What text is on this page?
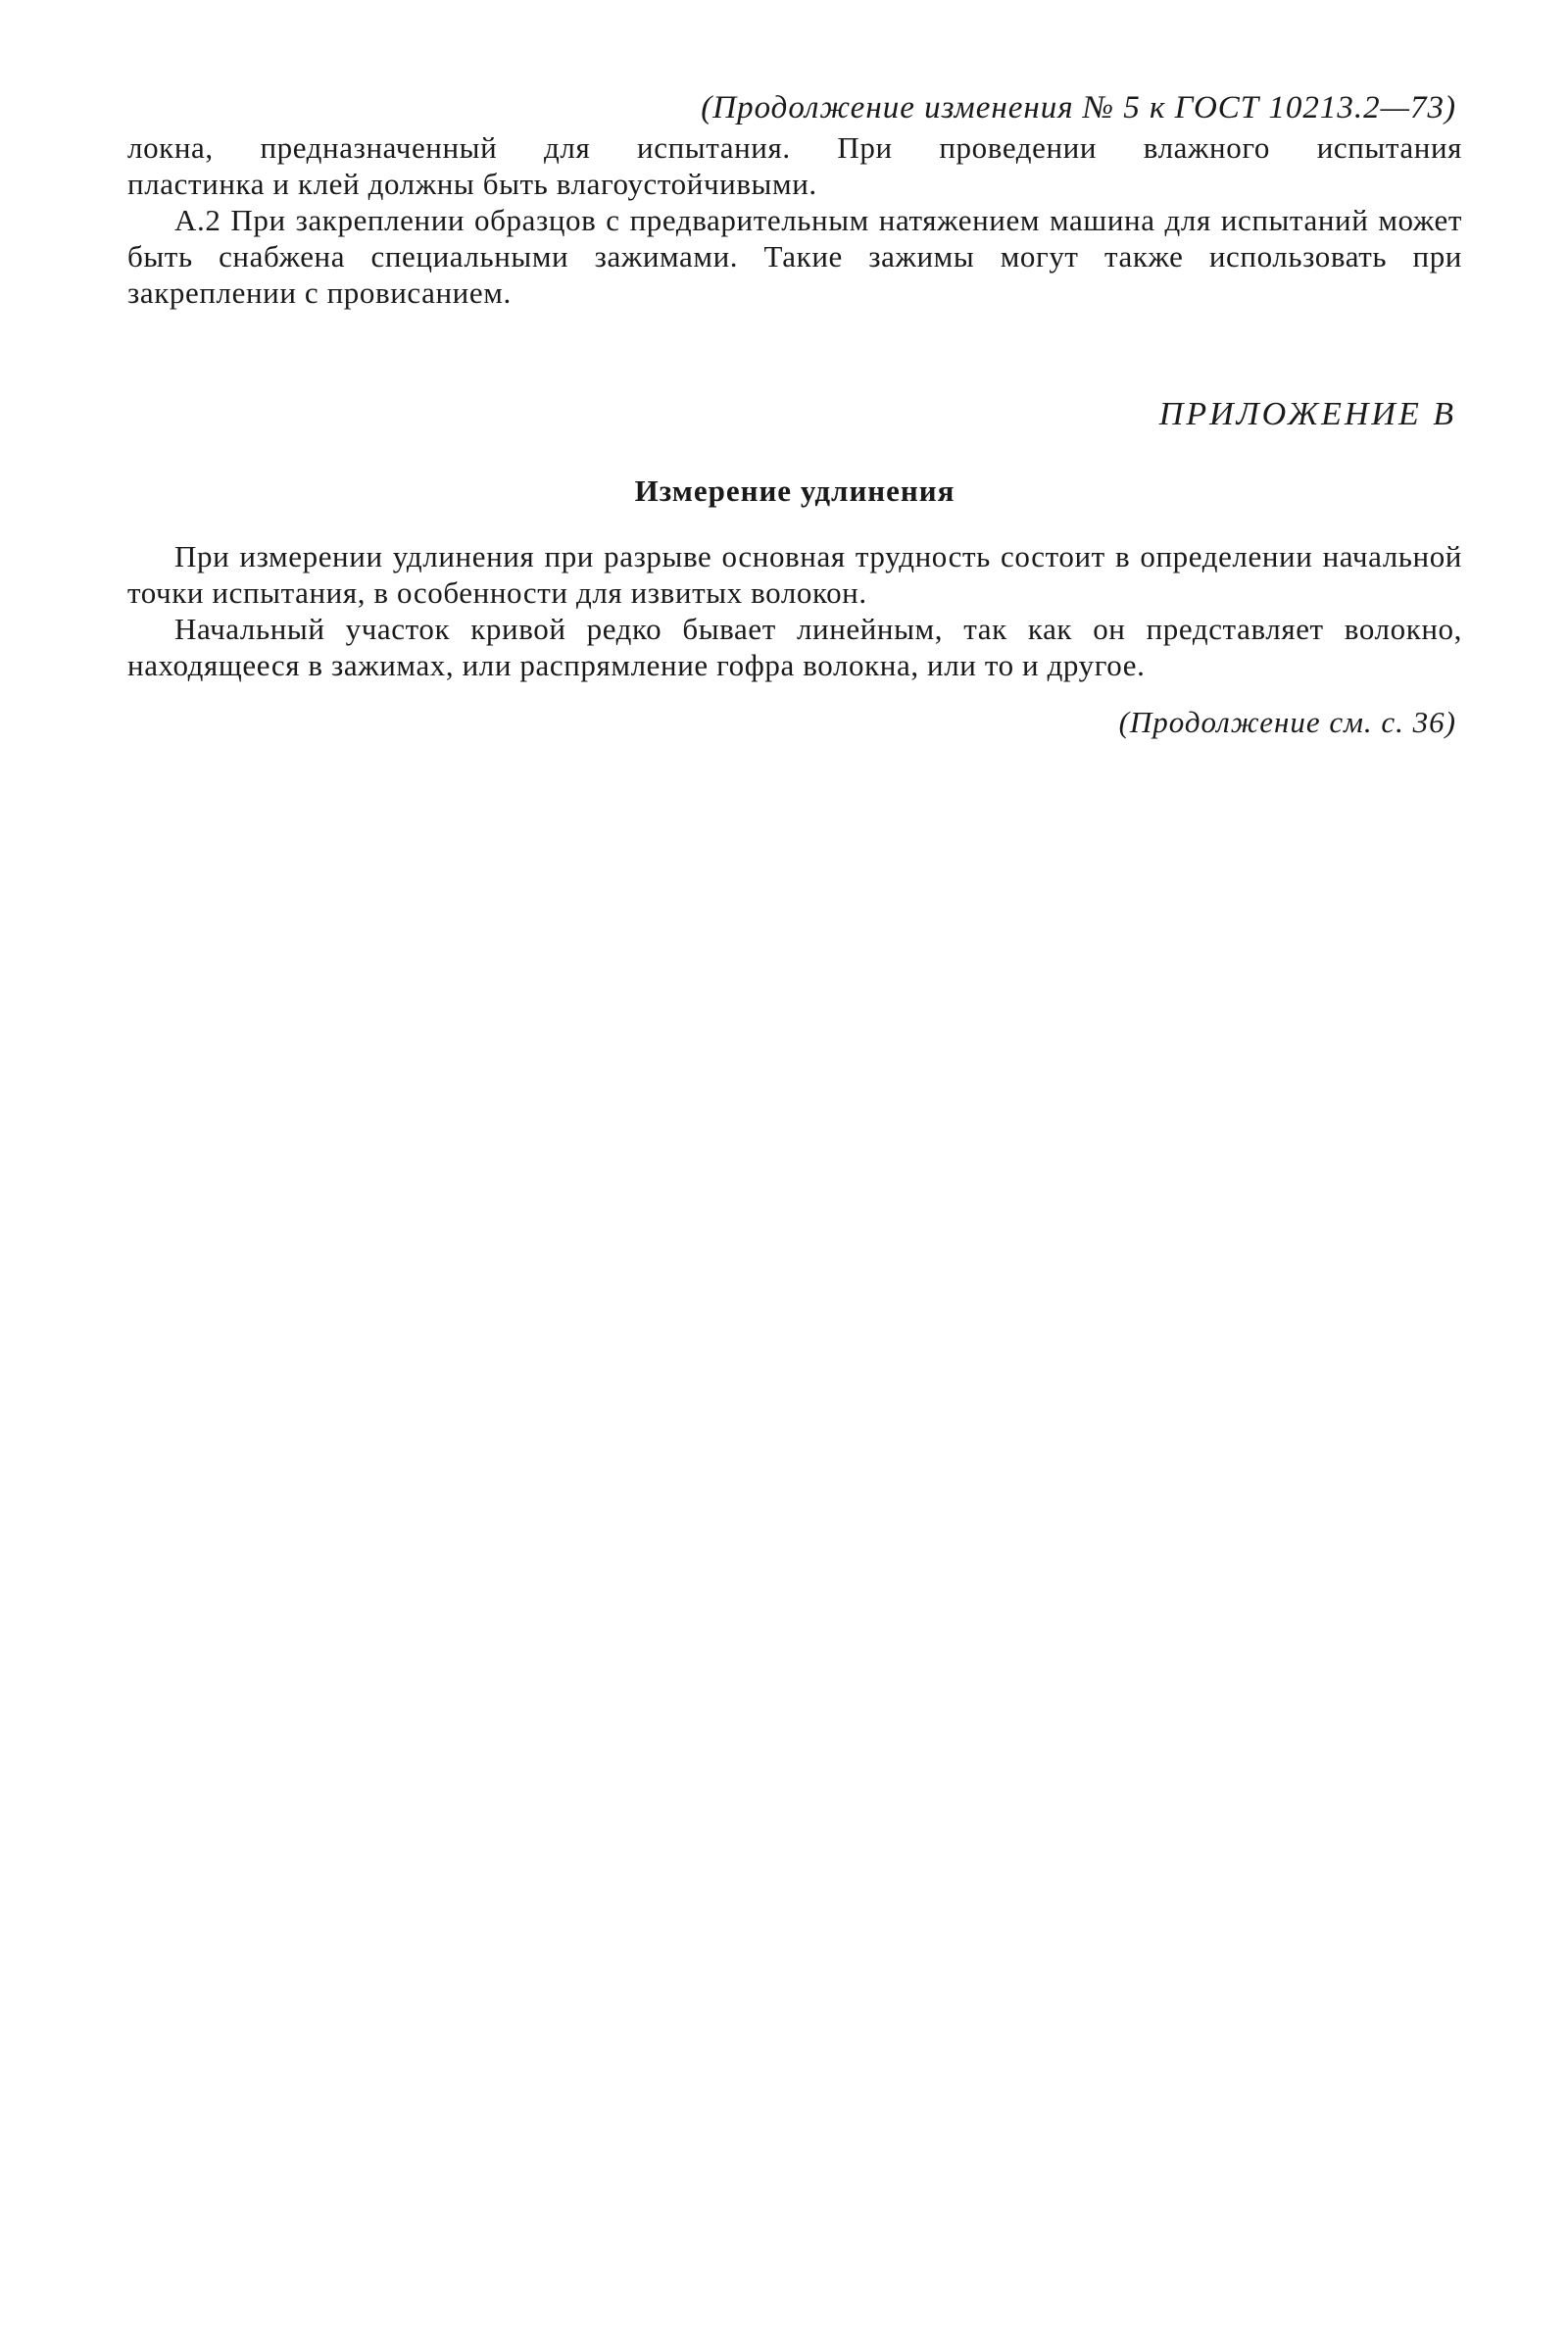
(Продолжение изменения № 5 к ГОСТ 10213.2—73)

локна, предназначенный для испытания. При проведении влажного испытания

пластинка и клей должны быть влагоустойчивыми.

А.2 При закреплении образцов с предварительным натяжением машина для испытаний может быть снабжена специальными зажимами. Такие зажимы могут также использовать при закреплении с провисанием.

ПРИЛОЖЕНИЕ В

Измерение удлинения

При измерении удлинения при разрыве основная трудность состоит в определении начальной точки испытания, в особенности для извитых волокон.

Начальный участок кривой редко бывает линейным, так как он представляет волокно, находящееся в зажимах, или распрямление гофра волокна, или то и другое.

(Продолжение см. с. 36)
